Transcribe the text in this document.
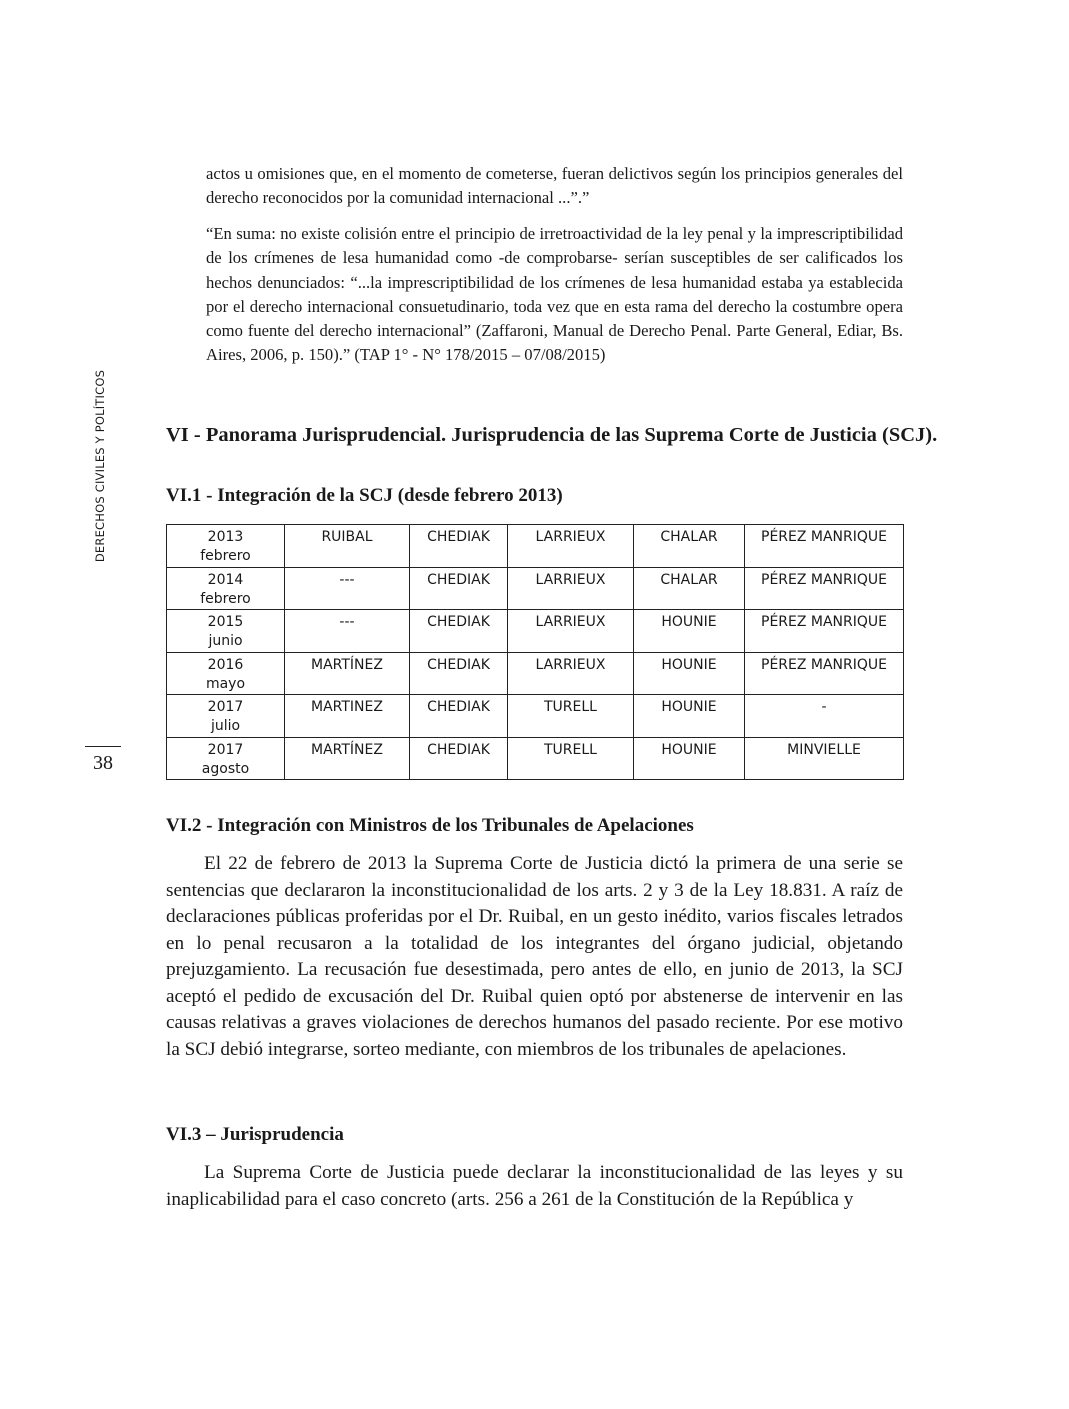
DERECHOS CIVILES Y POLÍTICOS
38

actos u omisiones que, en el momento de cometerse, fueran delictivos según los principios generales del derecho reconocidos por la comunidad internacional ...”.”

“En suma: no existe colisión entre el principio de irretroactividad de la ley penal y la imprescriptibilidad de los crímenes de lesa humanidad como -de comprobarse- serían susceptibles de ser calificados los hechos denunciados: “...la imprescriptibilidad de los crímenes de lesa humanidad estaba ya establecida por el derecho internacional consuetudinario, toda vez que en esta rama del derecho la costumbre opera como fuente del derecho internacional” (Zaffaroni, Manual de Derecho Penal. Parte General, Ediar, Bs. Aires, 2006, p. 150).” (TAP 1° - N° 178/2015 – 07/08/2015)

VI - Panorama Jurisprudencial. Jurisprudencia de las Suprema Corte de Justicia (SCJ).
VI.1 - Integración de la SCJ (desde febrero 2013)
2013
febrero	RUIBAL	CHEDIAK	LARRIEUX	CHALAR	PÉREZ MANRIQUE

2014
febrero	---	CHEDIAK	LARRIEUX	CHALAR	PÉREZ MANRIQUE

2015
junio	---	CHEDIAK	LARRIEUX	HOUNIE	PÉREZ MANRIQUE

2016
mayo	MARTÍNEZ	CHEDIAK	LARRIEUX	HOUNIE	PÉREZ MANRIQUE

2017
julio	MARTINEZ	CHEDIAK	TURELL	HOUNIE	-

2017
agosto	MARTÍNEZ	CHEDIAK	TURELL	HOUNIE	MINVIELLE
VI.2 - Integración con Ministros de los Tribunales de Apelaciones

El 22 de febrero de 2013 la Suprema Corte de Justicia dictó la primera de una serie se sentencias que declararon la inconstitucionalidad de los arts. 2 y 3 de la Ley 18.831. A raíz de declaraciones públicas proferidas por el Dr. Ruibal, en un gesto inédito, varios fiscales letrados en lo penal recusaron a la totalidad de los integrantes del órgano judicial, objetando prejuzgamiento. La recusación fue desestimada, pero antes de ello, en junio de 2013, la SCJ aceptó el pedido de excusación del Dr. Ruibal quien optó por abstenerse de intervenir en las causas relativas a graves violaciones de derechos humanos del pasado reciente. Por ese motivo la SCJ debió integrarse, sorteo mediante, con miembros de los tribunales de apelaciones.

VI.3 – Jurisprudencia

La Suprema Corte de Justicia puede declarar la inconstitucionalidad de las leyes y su inaplicabilidad para el caso concreto (arts. 256 a 261 de la Constitución de la República y
